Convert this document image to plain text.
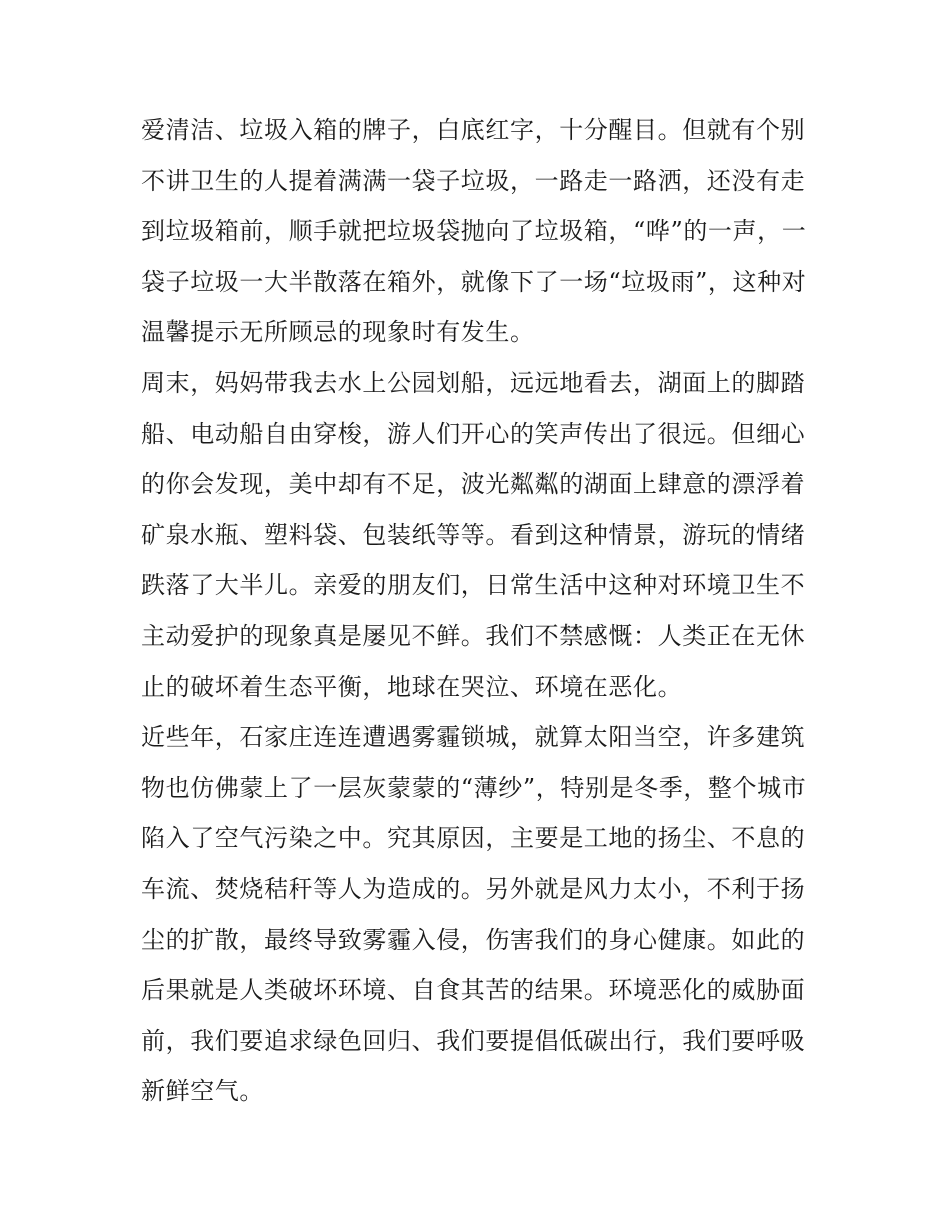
爱清洁、垃圾入箱的牌子，白底红字，十分醒目。但就有个别
不讲卫生的人提着满满一袋子垃圾，一路走一路洒，还没有走
到垃圾箱前，顺手就把垃圾袋抛向了垃圾箱，“哗”的一声，一
袋子垃圾一大半散落在箱外，就像下了一场“垃圾雨”，这种对
温馨提示无所顾忌的现象时有发生。
周末，妈妈带我去水上公园划船，远远地看去，湖面上的脚踏
船、电动船自由穿梭，游人们开心的笑声传出了很远。但细心
的你会发现，美中却有不足，波光粼粼的湖面上肆意的漂浮着
矿泉水瓶、塑料袋、包装纸等等。看到这种情景，游玩的情绪
跌落了大半儿。亲爱的朋友们，日常生活中这种对环境卫生不
主动爱护的现象真是屡见不鲜。我们不禁感慨：人类正在无休
止的破坏着生态平衡，地球在哭泣、环境在恶化。
近些年，石家庄连连遭遇雾霾锁城，就算太阳当空，许多建筑
物也仿佛蒙上了一层灰蒙蒙的“薄纱”，特别是冬季，整个城市
陷入了空气污染之中。究其原因，主要是工地的扬尘、不息的
车流、焚烧秸秆等人为造成的。另外就是风力太小，不利于扬
尘的扩散，最终导致雾霾入侵，伤害我们的身心健康。如此的
后果就是人类破坏环境、自食其苦的结果。环境恶化的威胁面
前，我们要追求绿色回归、我们要提倡低碳出行，我们要呼吸
新鲜空气。
